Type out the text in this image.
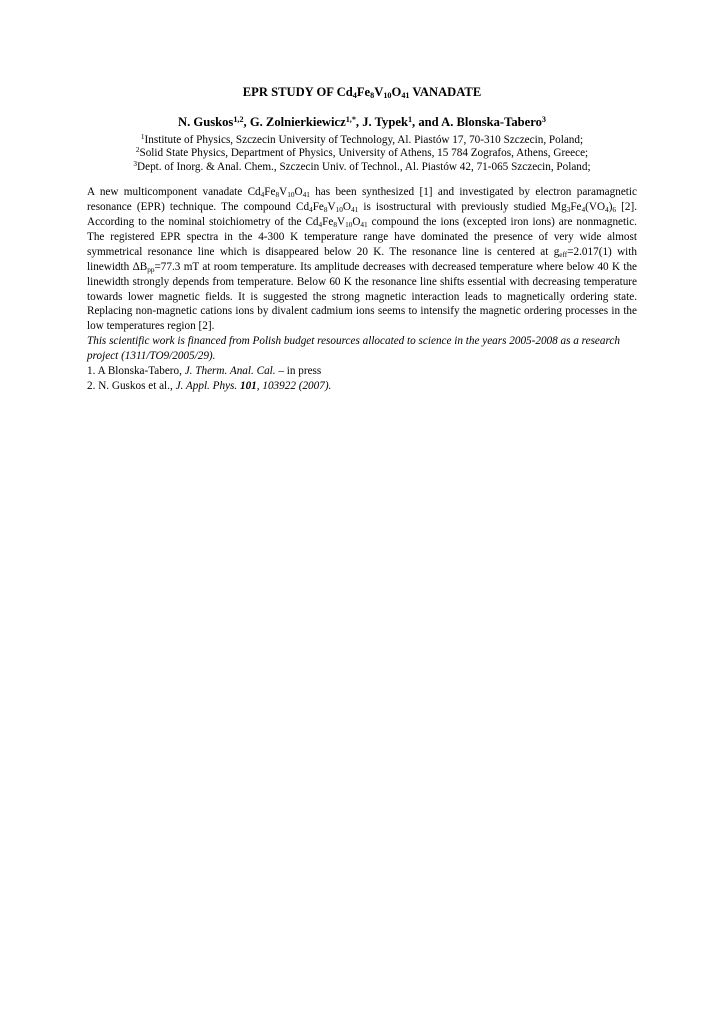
EPR STUDY OF $Cd_4Fe_8V_{10}O_{41}$ VANADATE

N. Guskos$^{1,2}$, G. Zolnierkiewicz$^{1,*}$, J. Typek$^1$, and A. Blonska-Tabero$^3$

$^1$Institute of Physics, Szczecin University of Technology, Al. Piastów 17, 70-310 Szczecin, Poland;
$^2$Solid State Physics, Department of Physics, University of Athens, 15 784 Zografos, Athens, Greece;
$^3$Dept. of Inorg. & Anal. Chem., Szczecin Univ. of Technol., Al. Piastów 42, 71-065 Szczecin, Poland;

A new multicomponent vanadate $Cd_4Fe_8V_{10}O_{41}$ has been synthesized [1] and investigated by electron paramagnetic resonance (EPR) technique. The compound $Cd_4Fe_8V_{10}O_{41}$ is isostructural with previously studied $Mg_3Fe_4(VO_4)_6$ [2]. According to the nominal stoichiometry of the $Cd_4Fe_8V_{10}O_{41}$ compound the ions (excepted iron ions) are nonmagnetic. The registered EPR spectra in the 4-300 K temperature range have dominated the presence of very wide almost symmetrical resonance line which is disappeared below 20 K. The resonance line is centered at $g_{eff}=2.017(1)$ with linewidth $\Delta B_{pp}=77.3$ mT at room temperature. Its amplitude decreases with decreased temperature where below 40 K the linewidth strongly depends from temperature. Below 60 K the resonance line shifts essential with decreasing temperature towards lower magnetic fields. It is suggested the strong magnetic interaction leads to magnetically ordering state. Replacing non-magnetic cations ions by divalent cadmium ions seems to intensify the magnetic ordering processes in the low temperatures region [2].

This scientific work is financed from Polish budget resources allocated to science in the years 2005-2008 as a research project (1311/TO9/2005/29).

1. A Blonska-Tabero, J. Therm. Anal. Cal. – in press

2. N. Guskos et al., J. Appl. Phys. 101, 103922 (2007).
